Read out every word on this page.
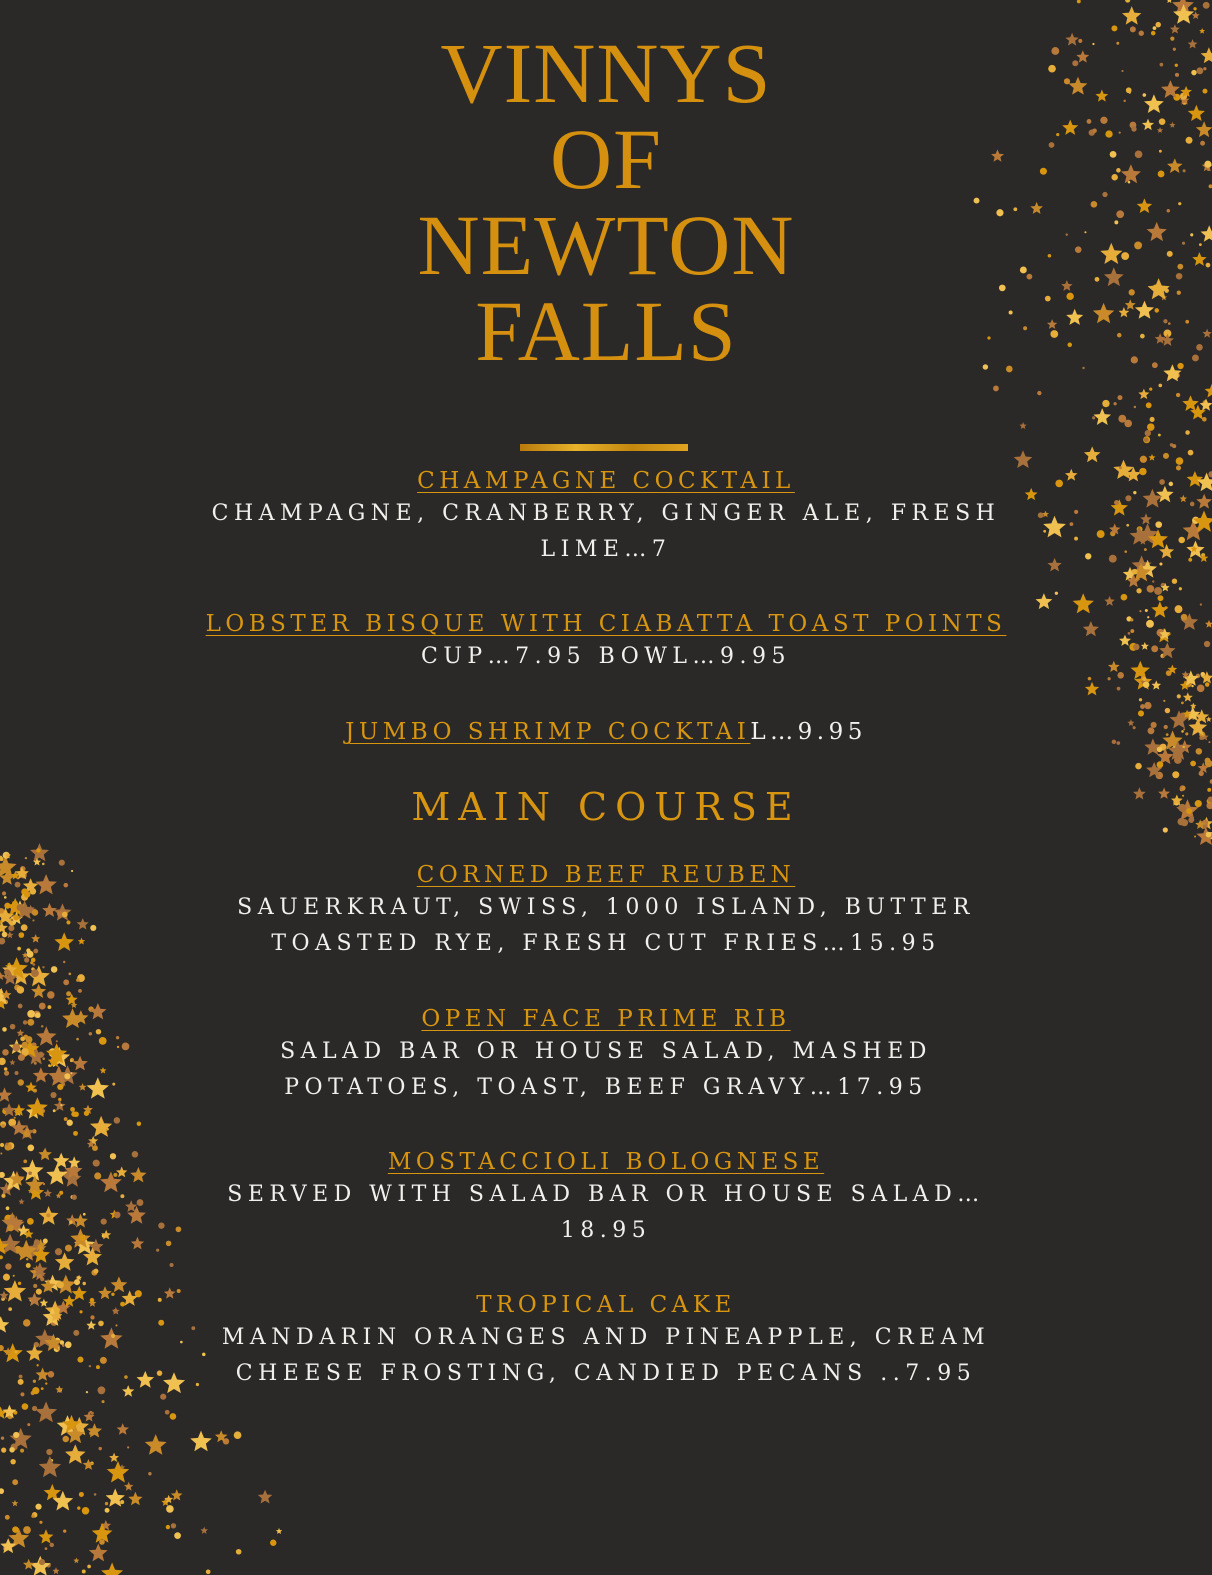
VINNYS
OF
NEWTON
FALLS

CHAMPAGNE COCKTAIL

CHAMPAGNE, CRANBERRY, GINGER ALE, FRESH

LIME…7

LOBSTER BISQUE WITH CIABATTA TOAST POINTS

CUP…7.95 BOWL…9.95

JUMBO SHRIMP COCKTAIL…9.95

MAIN COURSE

CORNED BEEF REUBEN

SAUERKRAUT, SWISS, 1000 ISLAND, BUTTER

TOASTED RYE, FRESH CUT FRIES…15.95

OPEN FACE PRIME RIB

SALAD BAR OR HOUSE SALAD, MASHED

POTATOES, TOAST, BEEF GRAVY…17.95

MOSTACCIOLI BOLOGNESE

SERVED WITH SALAD BAR OR HOUSE SALAD…

18.95

TROPICAL CAKE

MANDARIN ORANGES AND PINEAPPLE, CREAM

CHEESE FROSTING, CANDIED PECANS ..7.95
